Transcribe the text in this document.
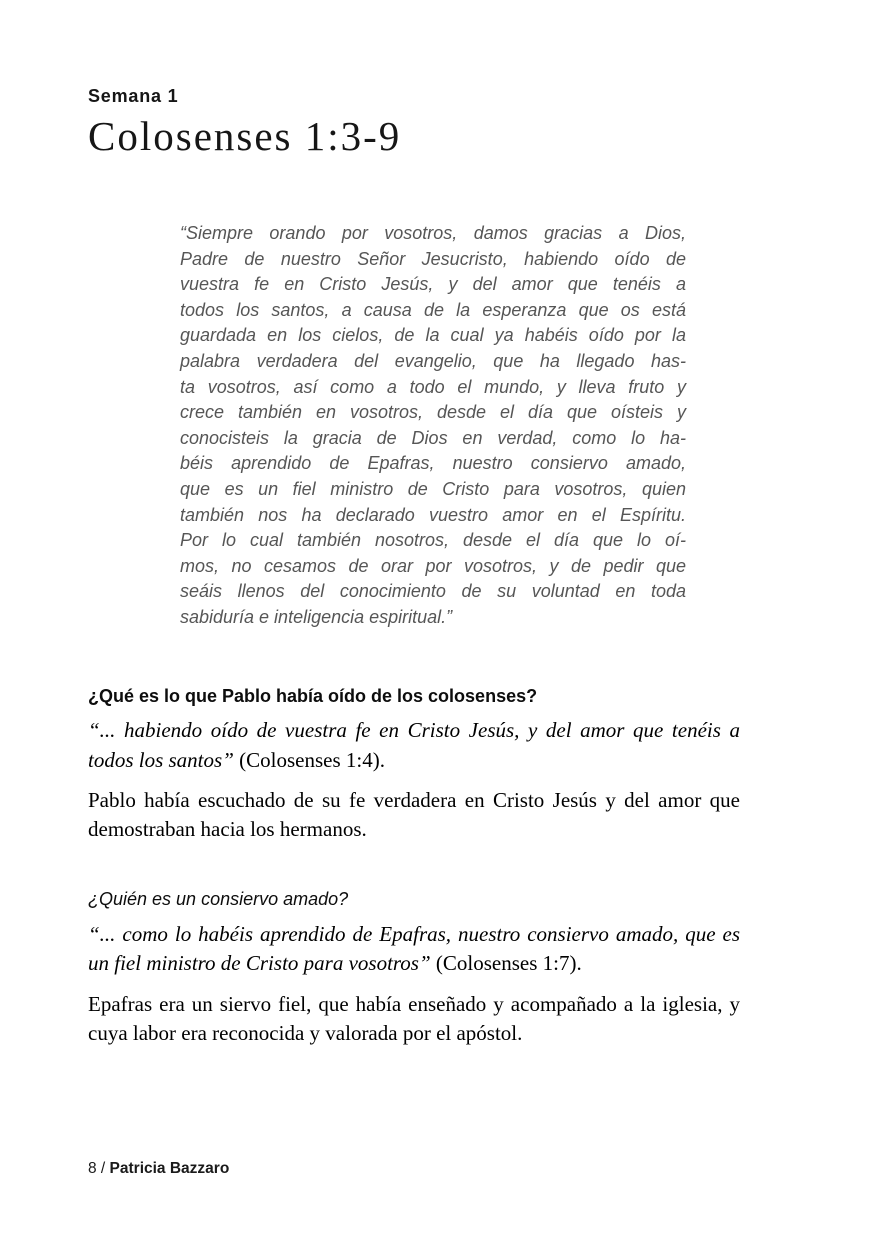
Semana 1
Colosenses 1:3-9
“Siempre orando por vosotros, damos gracias a Dios,
Padre de nuestro Señor Jesucristo, habiendo oído de
vuestra fe en Cristo Jesús, y del amor que tenéis a
todos los santos, a causa de la esperanza que os está
guardada en los cielos, de la cual ya habéis oído por la
palabra verdadera del evangelio, que ha llegado has-
ta vosotros, así como a todo el mundo, y lleva fruto y
crece también en vosotros, desde el día que oísteis y
conocisteis la gracia de Dios en verdad, como lo ha-
béis aprendido de Epafras, nuestro consiervo amado,
que es un fiel ministro de Cristo para vosotros, quien
también nos ha declarado vuestro amor en el Espíritu.
Por lo cual también nosotros, desde el día que lo oí-
mos, no cesamos de orar por vosotros, y de pedir que
seáis llenos del conocimiento de su voluntad en toda
sabiduría e inteligencia espiritual.”
¿Qué es lo que Pablo había oído de los colosenses?

“... habiendo oído de vuestra fe en Cristo Jesús, y del amor que tenéis a todos los santos” (Colosenses 1:4).

Pablo había escuchado de su fe verdadera en Cristo Jesús y del amor que demostraban hacia los hermanos.

¿Quién es un consiervo amado?

“... como lo habéis aprendido de Epafras, nuestro consiervo amado, que es un fiel ministro de Cristo para vosotros” (Colosenses 1:7).

Epafras era un siervo fiel, que había enseñado y acompañado a la iglesia, y cuya labor era reconocida y valorada por el apóstol.

8 / Patricia Bazzaro
